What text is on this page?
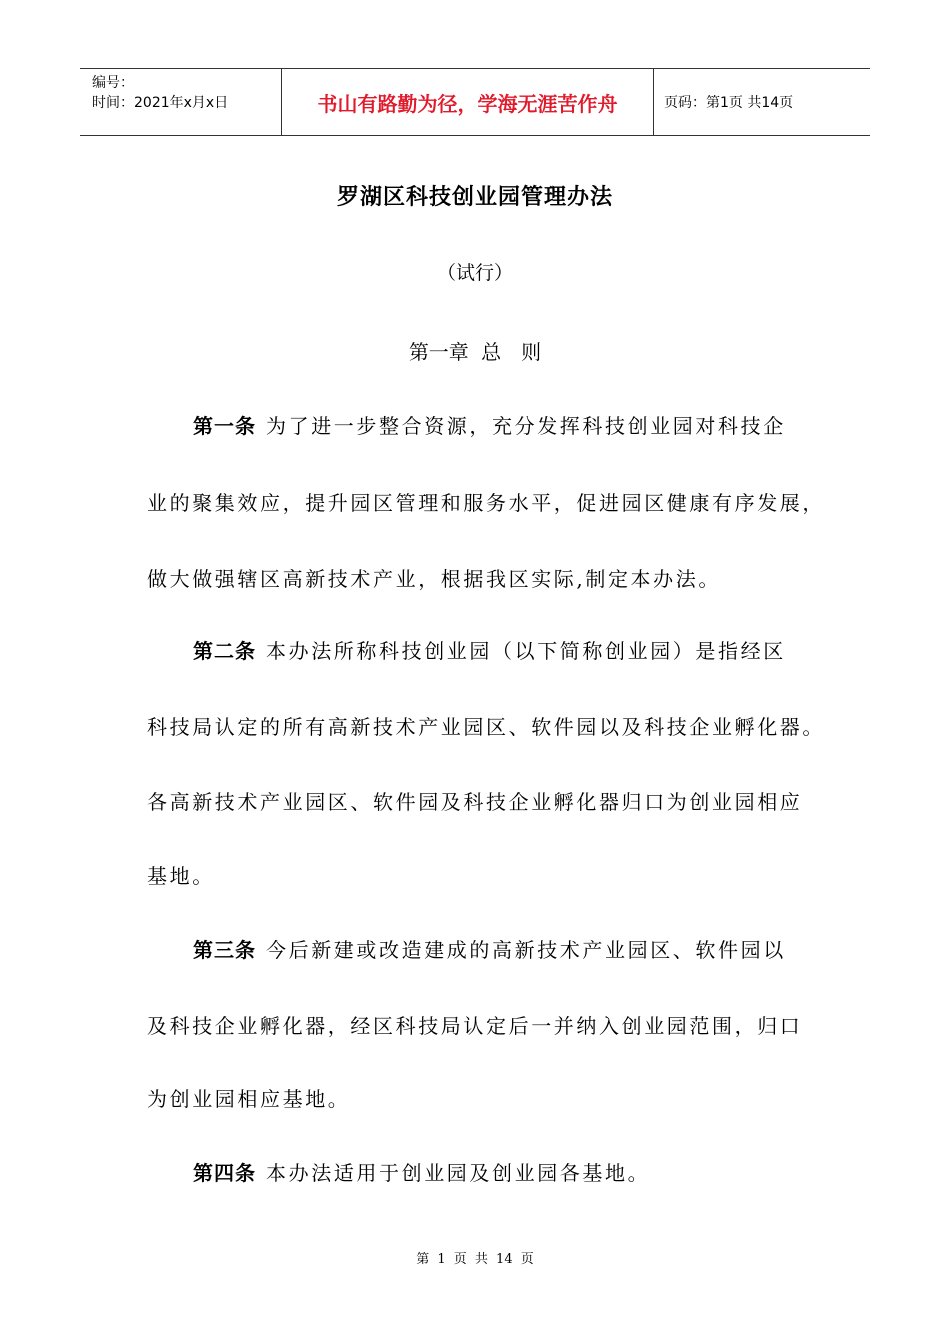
编号：
时间：2021年x月x日	书山有路勤为径，学海无涯苦作舟	页码：第1页 共14页
罗湖区科技创业园管理办法
（试行）
第一章 总　则
第一条 为了进一步整合资源，充分发挥科技创业园对科技企
业的聚集效应，提升园区管理和服务水平，促进园区健康有序发展，
做大做强辖区高新技术产业，根据我区实际,制定本办法。
第二条 本办法所称科技创业园（以下简称创业园）是指经区
科技局认定的所有高新技术产业园区、软件园以及科技企业孵化器。
各高新技术产业园区、软件园及科技企业孵化器归口为创业园相应
基地。
第三条 今后新建或改造建成的高新技术产业园区、软件园以
及科技企业孵化器，经区科技局认定后一并纳入创业园范围，归口
为创业园相应基地。
第四条 本办法适用于创业园及创业园各基地。
第 1 页 共 14 页
